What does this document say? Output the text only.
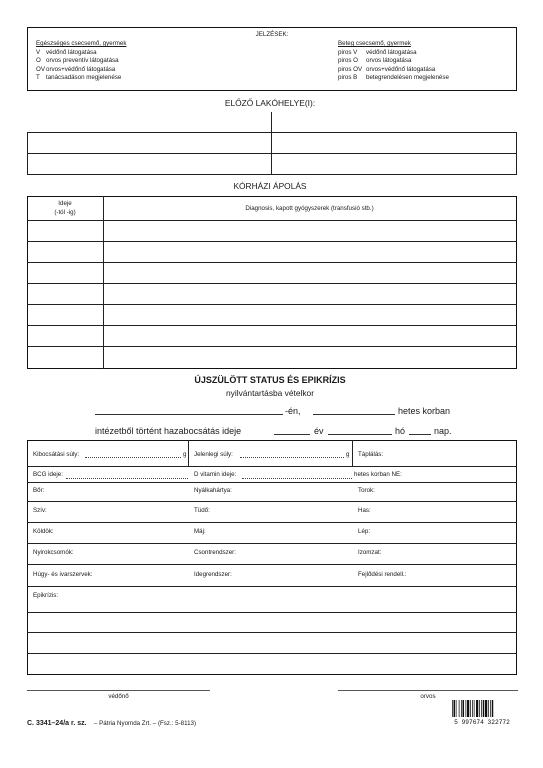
JELZÉSEK:
Egészséges csecsemő, gyermek
V védőnő látogatása
O orvos preventív látogatása
OV orvos+védőnő látogatása
T	tanácsadáson megjelenése
Beteg csecsemő, gyermek
piros V	védőnő látogatása
piros O	orvos látogatása
piros OV orvos+védőnő látogatása
piros B	betegrendelésen megjelenése
ELŐZŐ LAKÓHELYE(I):
KÓRHÁZI ÁPOLÁS
Ideje
(-tól -ig)
Diagnosis, kapott gyógyszerek (transfusió stb.)
ÚJSZÜLÖTT STATUS ÉS EPIKRÍZIS
nyilvántartásba vételkor
-én,	hetes korban
intézetből történt hazabocsátás ideje	év	hó	nap.
Kibocsátási súly:	g Jelenlegi súly:	g Táplálás:
BCG ideje:	D vitamin ideje:	hetes korban NE:
Bőr:	Nyálkahártya:	Torok:
Szív:	Tüdő:	Has:
Köldök:	Máj:	Lép:
Nyirokcsomók:	Csontrendszer:	Izomzat:
Húgy- és ivarszervek:	Idegrendszer:	Fejlődési rendell.:
Epikrízis:
védőnő	orvos
C. 3341–24/a r. sz. – Pátria Nyomda Zrt. – (Fsz.: 5-8113)	5 997674 322772
